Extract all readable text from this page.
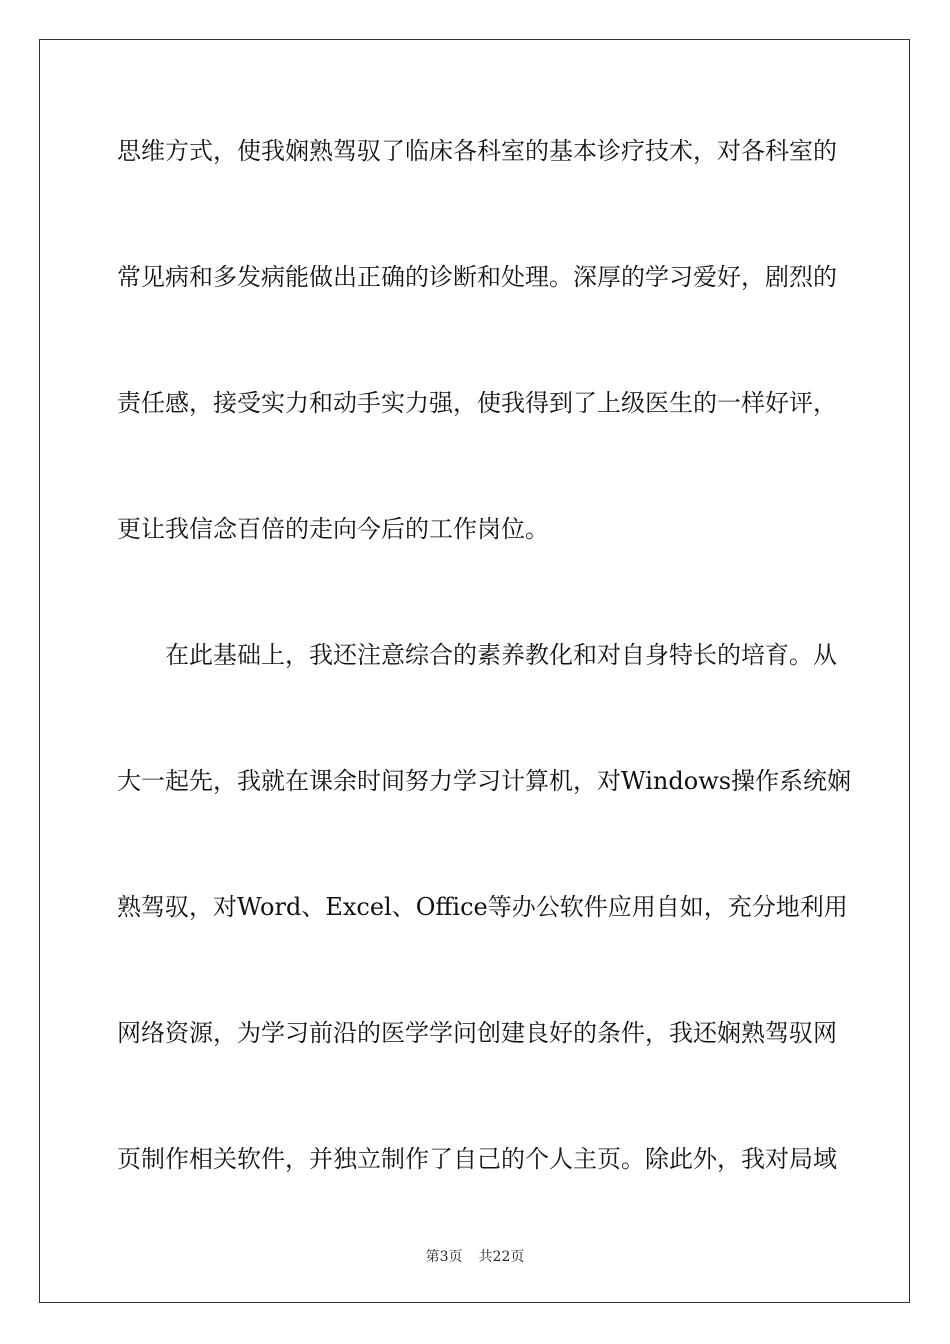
思维方式，使我娴熟驾驭了临床各科室的基本诊疗技术，对各科室的
常见病和多发病能做出正确的诊断和处理。深厚的学习爱好，剧烈的
责任感，接受实力和动手实力强，使我得到了上级医生的一样好评，
更让我信念百倍的走向今后的工作岗位。
在此基础上，我还注意综合的素养教化和对自身特长的培育。从
大一起先，我就在课余时间努力学习计算机，对Windows操作系统娴
熟驾驭，对Word、Excel、Office等办公软件应用自如，充分地利用
网络资源，为学习前沿的医学学问创建良好的条件，我还娴熟驾驭网
页制作相关软件，并独立制作了自己的个人主页。除此外，我对局域
第3页 共22页
